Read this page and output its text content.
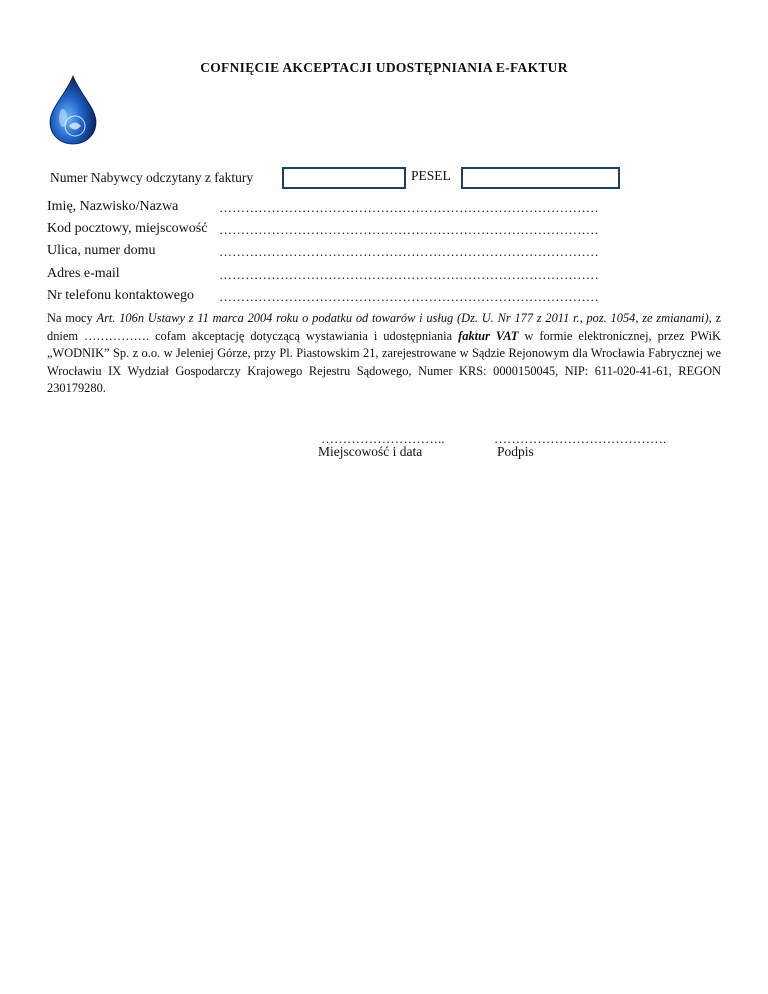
COFNIĘCIE AKCEPTACJI UDOSTĘPNIANIA E-FAKTUR
Numer Nabywcy odczytany z faktury	PESEL
Imię, Nazwisko/Nazwa	……………………………………………………………………………
Kod pocztowy, miejscowość ……………………………………………………………………………
Ulica, numer domu	……………………………………………………………………………
Adres e-mail	……………………………………………………………………………
Nr telefonu kontaktowego ……………………………………………………………………………
Na mocy Art. 106n Ustawy z 11 marca 2004 roku o podatku od towarów i usług (Dz. U. Nr 177 z 2011 r., poz. 1054, ze zmianami), z dniem ……………. cofam akceptację dotyczącą wystawiania i udostępniania faktur VAT w formie elektronicznej, przez PWiK „WODNIK” Sp. z o.o. w Jeleniej Górze, przy Pl. Piastowskim 21, zarejestrowane w Sądzie Rejonowym dla Wrocławia Fabrycznej we Wrocławiu IX Wydział Gospodarczy Krajowego Rejestru Sądowego, Numer KRS: 0000150045, NIP: 611-020-41-61, REGON 230179280.
………………………..
Miejscowość i data
………………………………….
Podpis
